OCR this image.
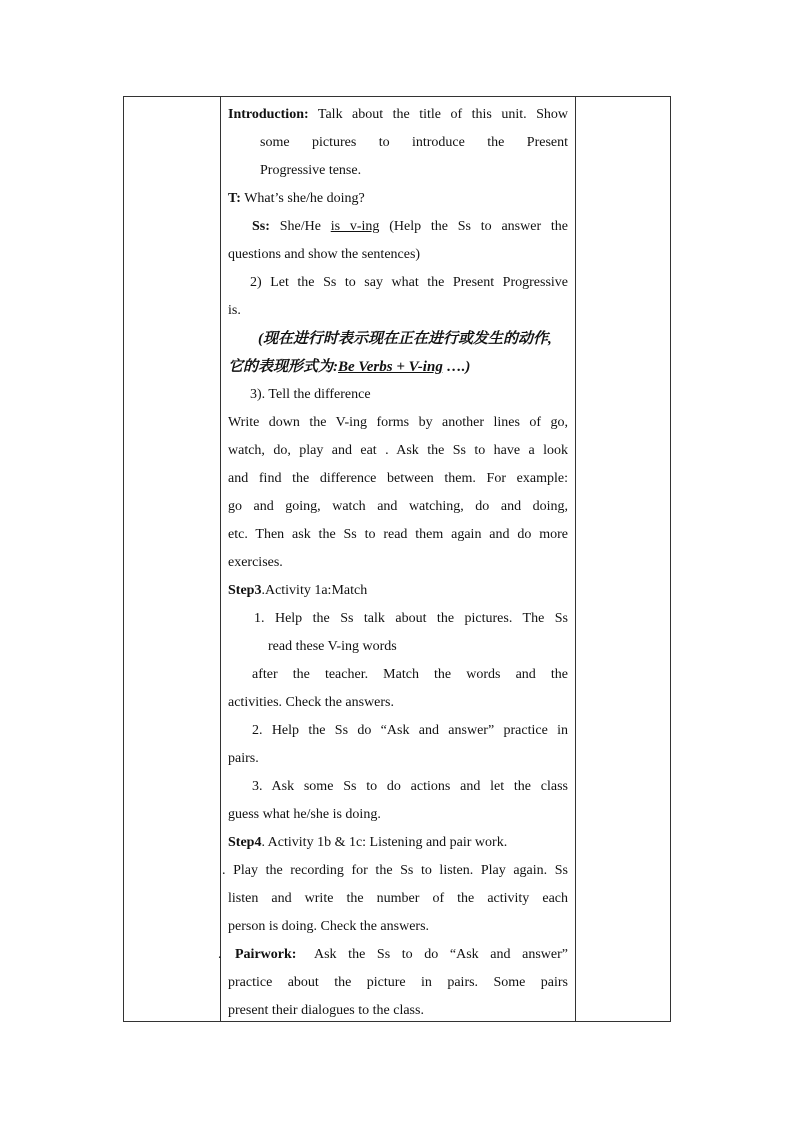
Introduction: Talk about the title of this unit. Show
some pictures to introduce the Present
Progressive tense.
T: What’s she/he doing?
Ss: She/He is v-ing (Help the Ss to answer the
questions and show the sentences)
2) Let the Ss to say what the Present Progressive
is.
(现在进行时表示现在正在进行或发生的动作,
它的表现形式为:Be Verbs + V-ing ….)
3). Tell the difference
Write down the V-ing forms by another lines of go,
watch, do, play and eat . Ask the Ss to have a look
and find the difference between them. For example:
go and going, watch and watching, do and doing,
etc. Then ask the Ss to read them again and do more
exercises.
Step3.Activity 1a:Match
1. Help the Ss talk about the pictures. The Ss
read these V-ing words
after the teacher. Match the words and the
activities. Check the answers.
2. Help the Ss do “Ask and answer” practice in
pairs.
3. Ask some Ss to do actions and let the class
guess what he/she is doing.
Step4. Activity 1b & 1c: Listening and pair work.
. Play the recording for the Ss to listen. Play again. Ss
listen and write the number of the activity each
person is doing. Check the answers.
. Pairwork: Ask the Ss to do “Ask and answer”
practice about the picture in pairs. Some pairs
present their dialogues to the class.
